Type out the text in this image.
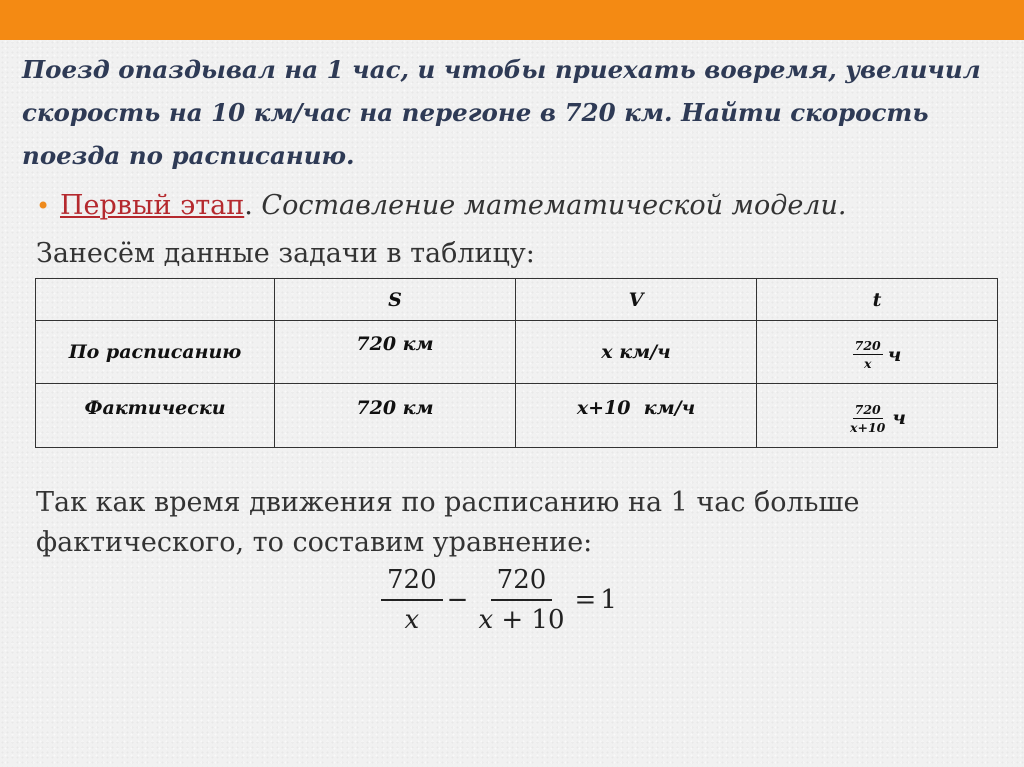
Поезд опаздывал на 1 час, и чтобы приехать вовремя, увеличил скорость на 10 км/час на перегоне в 720 км. Найти скорость поезда по расписанию.

• Первый этап. Составление математической модели.
Занесём данные задачи в таблицу:
	S	V	t
По расписанию	720 км	x км/ч	$\frac{720}{x}$ ч

Фактически	720 км	x+10  км/ч	$\frac{720}{x+10}$ ч

Так как время движения по расписанию на 1 час больше фактического, то составим уравнение:

$\frac{720}{x} - \frac{720}{x + 10} = 1$
